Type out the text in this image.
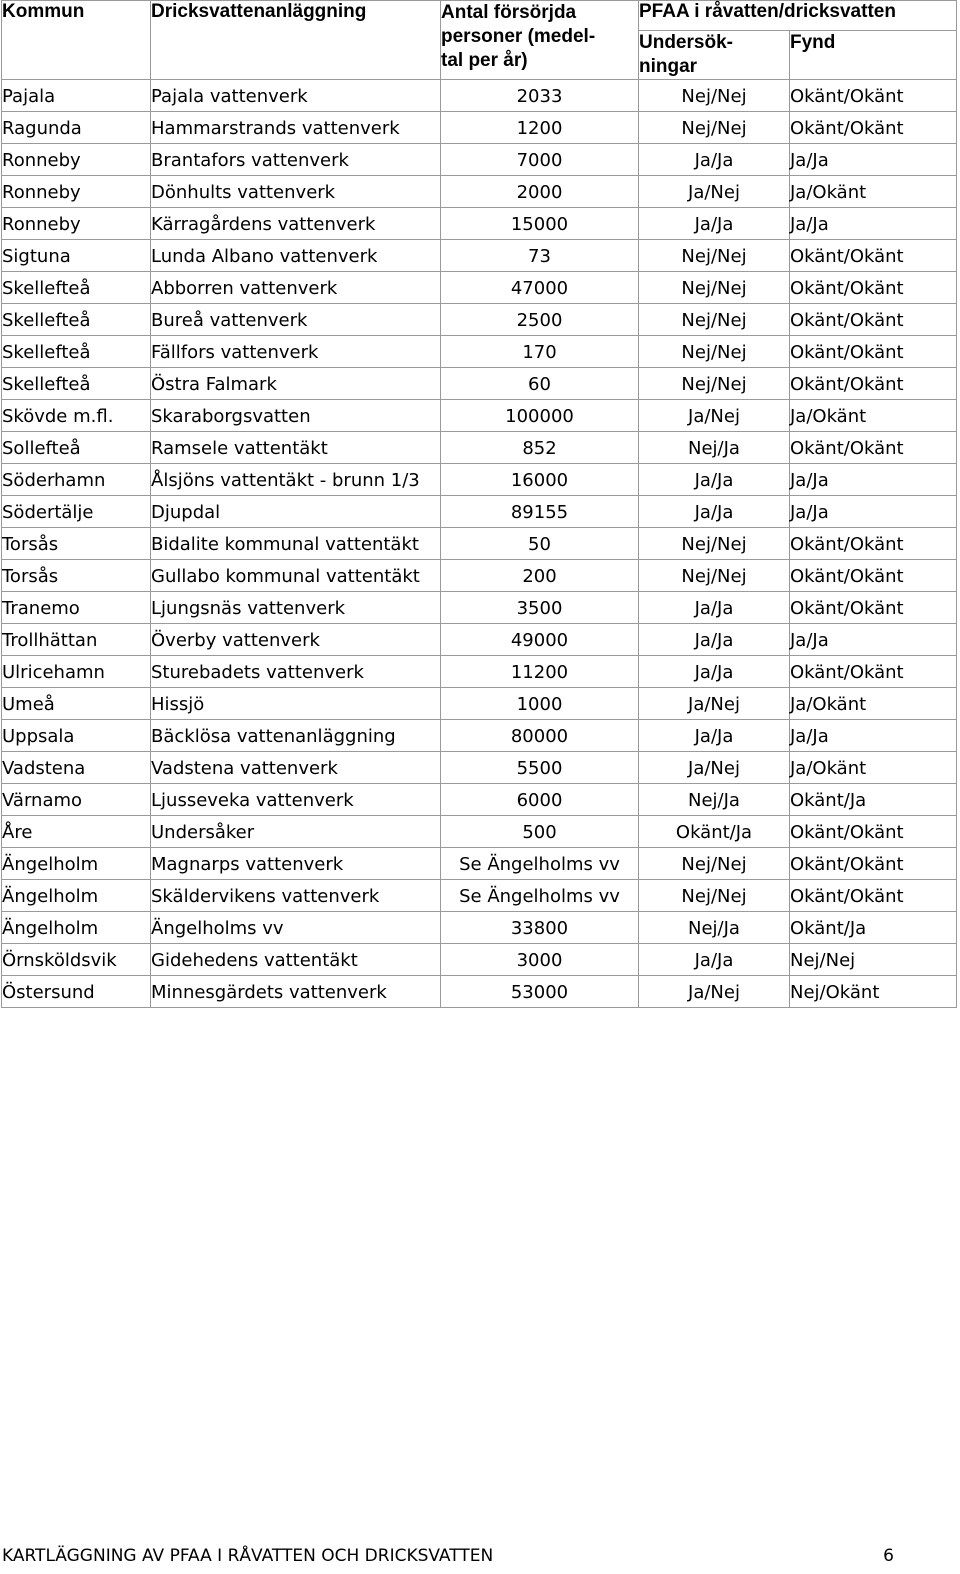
Kommun	Dricksvattenanläggning	Antal försörjda
personer (medel-
tal per år)	PFAA i råvatten/dricksvatten	

			Undersök-
ningar	Fynd
Pajala	Pajala vattenverk	2033	Nej/Nej	Okänt/Okänt
Ragunda	Hammarstrands vattenverk	1200	Nej/Nej	Okänt/Okänt
Ronneby	Brantafors vattenverk	7000	Ja/Ja	Ja/Ja
Ronneby	Dönhults vattenverk	2000	Ja/Nej	Ja/Okänt
Ronneby	Kärragårdens vattenverk	15000	Ja/Ja	Ja/Ja
Sigtuna	Lunda Albano vattenverk	73	Nej/Nej	Okänt/Okänt
Skellefteå	Abborren vattenverk	47000	Nej/Nej	Okänt/Okänt
Skellefteå	Bureå vattenverk	2500	Nej/Nej	Okänt/Okänt
Skellefteå	Fällfors vattenverk	170	Nej/Nej	Okänt/Okänt
Skellefteå	Östra Falmark	60	Nej/Nej	Okänt/Okänt
Skövde m.fl.	Skaraborgsvatten	100000	Ja/Nej	Ja/Okänt
Sollefteå	Ramsele vattentäkt	852	Nej/Ja	Okänt/Okänt
Söderhamn	Ålsjöns vattentäkt - brunn 1/3	16000	Ja/Ja	Ja/Ja
Södertälje	Djupdal	89155	Ja/Ja	Ja/Ja
Torsås	Bidalite kommunal vattentäkt	50	Nej/Nej	Okänt/Okänt
Torsås	Gullabo kommunal vattentäkt	200	Nej/Nej	Okänt/Okänt
Tranemo	Ljungsnäs vattenverk	3500	Ja/Ja	Okänt/Okänt
Trollhättan	Överby vattenverk	49000	Ja/Ja	Ja/Ja
Ulricehamn	Sturebadets vattenverk	11200	Ja/Ja	Okänt/Okänt
Umeå	Hissjö	1000	Ja/Nej	Ja/Okänt
Uppsala	Bäcklösa vattenanläggning	80000	Ja/Ja	Ja/Ja
Vadstena	Vadstena vattenverk	5500	Ja/Nej	Ja/Okänt
Värnamo	Ljusseveka vattenverk	6000	Nej/Ja	Okänt/Ja
Åre	Undersåker	500	Okänt/Ja	Okänt/Okänt
Ängelholm	Magnarps vattenverk	Se Ängelholms vv	Nej/Nej	Okänt/Okänt
Ängelholm	Skäldervikens vattenverk	Se Ängelholms vv	Nej/Nej	Okänt/Okänt
Ängelholm	Ängelholms vv	33800	Nej/Ja	Okänt/Ja
Örnsköldsvik	Gidehedens vattentäkt	3000	Ja/Ja	Nej/Nej
Östersund	Minnesgärdets vattenverk	53000	Ja/Nej	Nej/Okänt
KARTLÄGGNING AV PFAA I RÅVATTEN OCH DRICKSVATTEN	6
